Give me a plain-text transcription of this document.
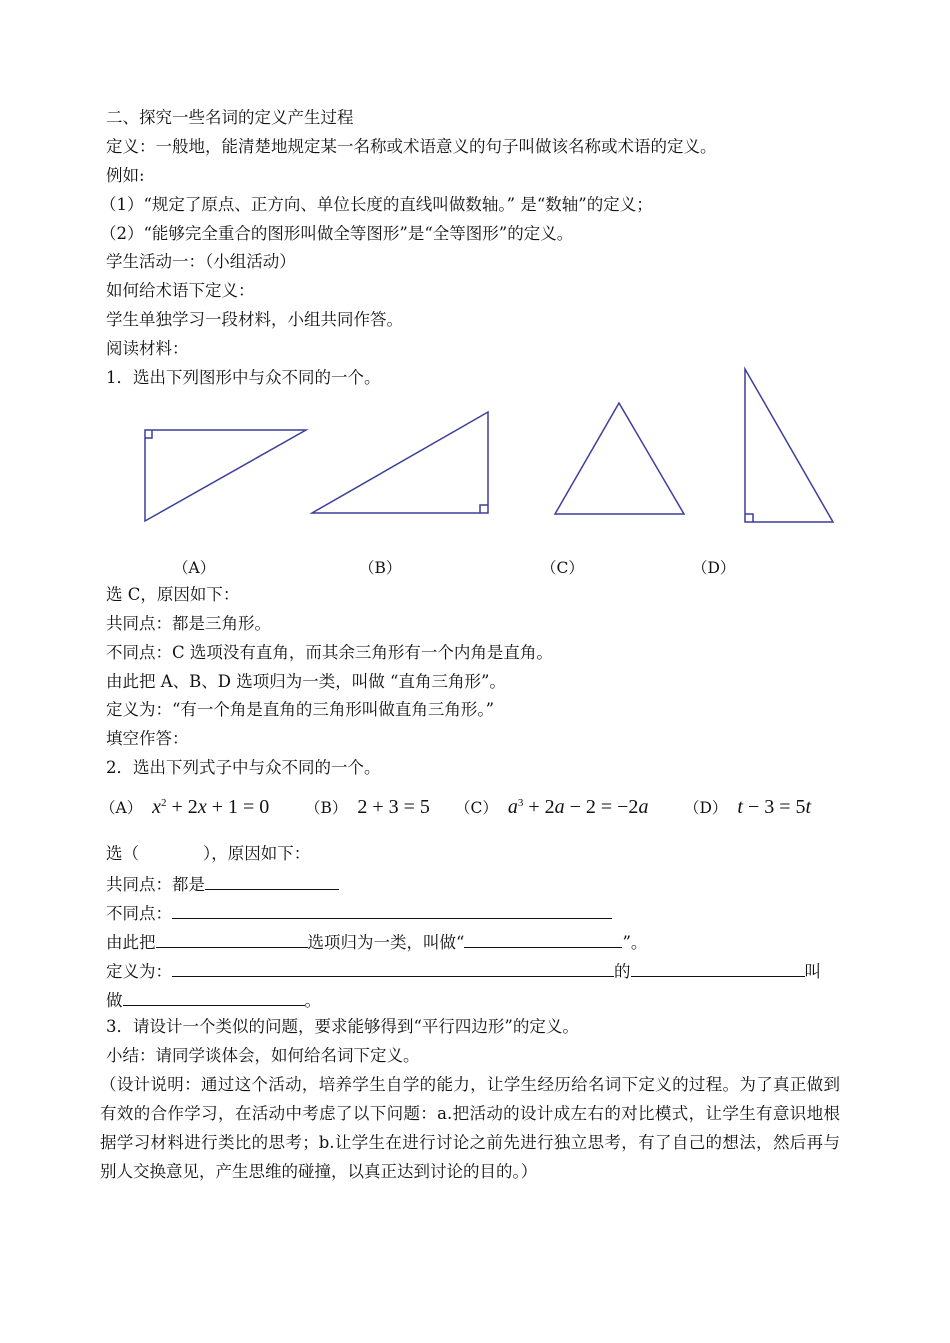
二、探究一些名词的定义产生过程

定义：一般地，能清楚地规定某一名称或术语意义的句子叫做该名称或术语的定义。

例如:

（1）“规定了原点、正方向、单位长度的直线叫做数轴。” 是“数轴”的定义；

（2）“能够完全重合的图形叫做全等图形”是“全等图形”的定义。

学生活动一：（小组活动）

如何给术语下定义：

学生单独学习一段材料，小组共同作答。

阅读材料：

1．选出下列图形中与众不同的一个。

（A）	（B）	（C）	（D）

选 C，原因如下：

共同点：都是三角形。

不同点：C 选项没有直角，而其余三角形有一个内角是直角。

由此把 A、B、D 选项归为一类，叫做 “直角三角形”。

定义为：“有一个角是直角的三角形叫做直角三角形。”

填空作答：

2．选出下列式子中与众不同的一个。

（A） $x^2 + 2x + 1 = 0$ （B）  2 + 3 = 5 （C） $a^3 + 2a - 2 = -2a$ （D） t − 3 = 5t

选（	），原因如下：

共同点：都是

不同点：

由此把	选项归为一类，叫做“	”。

定义为：	的	叫

做	。

3．请设计一个类似的问题，要求能够得到“平行四边形”的定义。

小结：请同学谈体会，如何给名词下定义。

（设计说明：通过这个活动，培养学生自学的能力，让学生经历给名词下定义的过程。为了真正做到有效的合作学习，在活动中考虑了以下问题：a.把活动的设计成左右的对比模式，让学生有意识地根据学习材料进行类比的思考；b.让学生在进行讨论之前先进行独立思考，有了自己的想法，然后再与别人交换意见，产生思维的碰撞，以真正达到讨论的目的。）
